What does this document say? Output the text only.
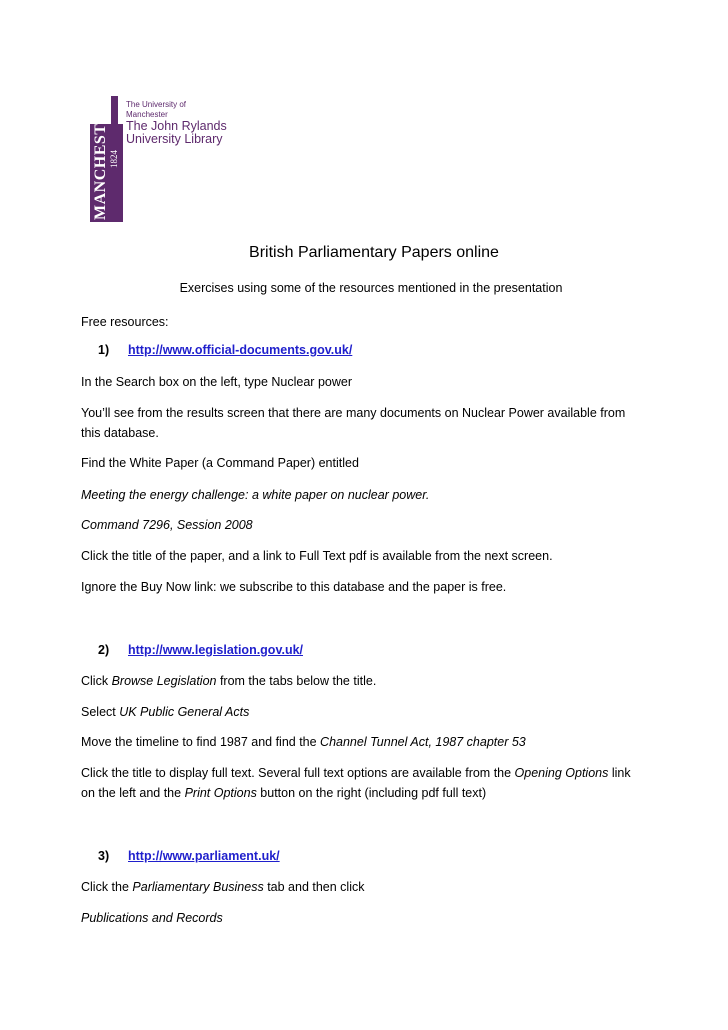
MANCHESTER 1824
The University of Manchester
The John Rylands
University Library
British Parliamentary Papers online
Exercises using some of the resources mentioned in the presentation
Free resources:
1) http://www.official-documents.gov.uk/
In the Search box on the left, type Nuclear power
You’ll see from the results screen that there are many documents on Nuclear Power available from this database.
Find the White Paper (a Command Paper) entitled
Meeting the energy challenge: a white paper on nuclear power.
Command 7296, Session 2008
Click the title of the paper, and a link to Full Text pdf is available from the next screen.
Ignore the Buy Now link: we subscribe to this database and the paper is free.
2) http://www.legislation.gov.uk/
Click Browse Legislation from the tabs below the title.
Select UK Public General Acts
Move the timeline to find 1987 and find the Channel Tunnel Act, 1987 chapter 53
Click the title to display full text. Several full text options are available from the Opening Options link on the left and the Print Options button on the right (including pdf full text)
3) http://www.parliament.uk/
Click the Parliamentary Business tab and then click
Publications and Records
